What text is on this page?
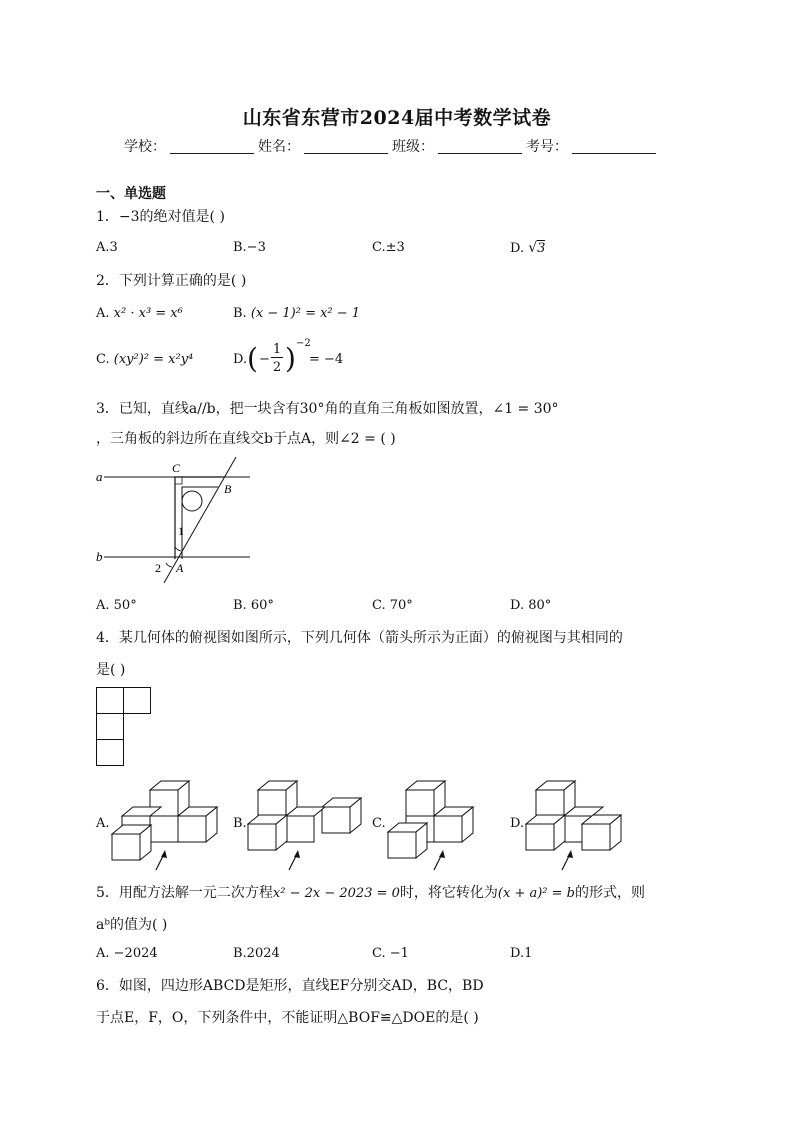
山东省东营市2024届中考数学试卷
学校：	姓名：	班级：	考号：
一、单选题
1．−3的绝对值是( )
A.3	B.−3	C.±3	D. √3
2．下列计算正确的是( )
A. x² · x³ = x⁶	B. (x − 1)² = x² − 1
C. (xy²)² = x²y⁴	D. ( −
1
2 ) −2
= −4
3．已知，直线a//b，把一块含有30°角的直角三角板如图放置，∠1 = 30°
，三角板的斜边所在直线交b于点A，则∠2 = ( )
a
b
C
B
A
1
2
A. 50°	B. 60°	C. 70°	D. 80°
4．某几何体的俯视图如图所示，下列几何体（箭头所示为正面）的俯视图与其相同的
是( )
A.	B.	C.	D.
5．用配方法解一元二次方程x² − 2x − 2023 = 0时，将它转化为(x + a)² = b的形式，则
aᵇ的值为( )
A. −2024	B.2024	C. −1	D.1
6．如图，四边形ABCD是矩形，直线EF分别交AD，BC，BD
于点E，F，O，下列条件中，不能证明△BOF≌△DOE的是( )
